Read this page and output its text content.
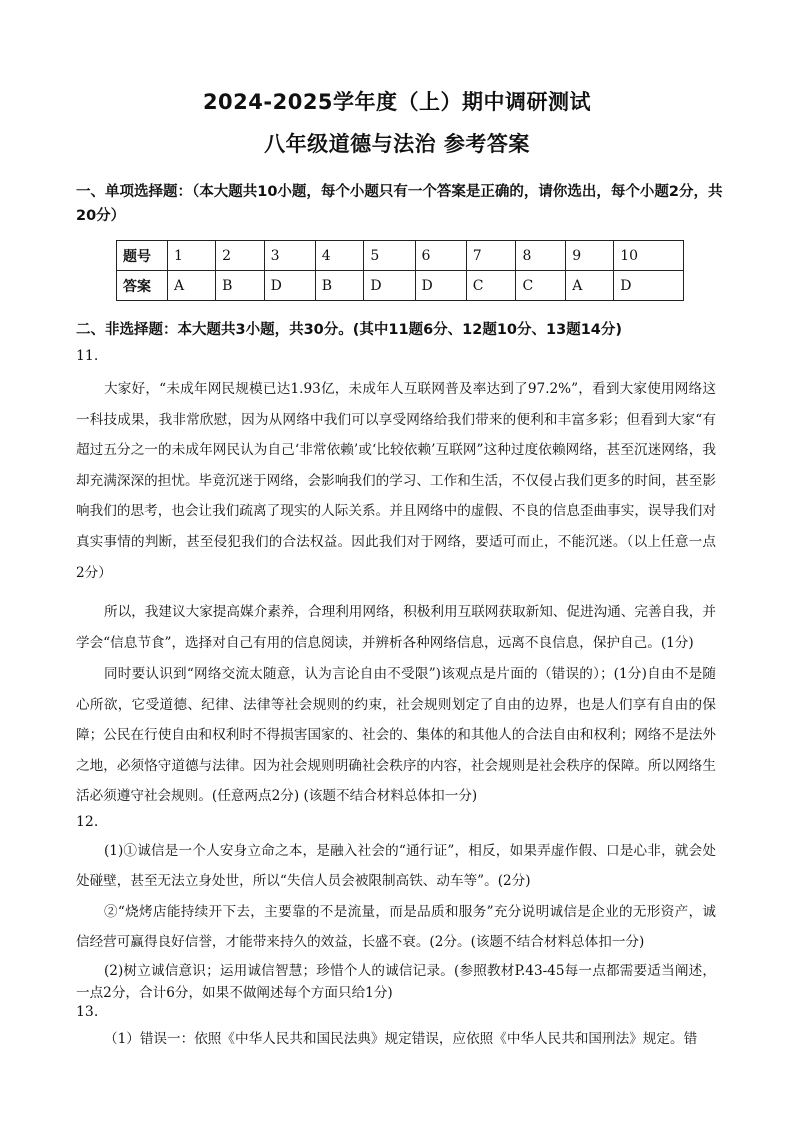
2024-2025学年度（上）期中调研测试
八年级道德与法治 参考答案
一、单项选择题：（本大题共10小题，每个小题只有一个答案是正确的，请你选出，每个小题2分，共20分）
题号	1	2	3	4	5	6	7	8	9	10
答案	A	B	D	B	D	D	C	C	A	D
二、非选择题：本大题共3小题，共30分。(其中11题6分、12题10分、13题14分)
11.
大家好，“未成年网民规模已达1.93亿，未成年人互联网普及率达到了97.2%”，看到大家使用网络这一科技成果，我非常欣慰，因为从网络中我们可以享受网络给我们带来的便利和丰富多彩；但看到大家“有超过五分之一的未成年网民认为自己‘非常依赖’或‘比较依赖’互联网”这种过度依赖网络，甚至沉迷网络，我却充满深深的担忧。毕竟沉迷于网络，会影响我们的学习、工作和生活，不仅侵占我们更多的时间，甚至影响我们的思考，也会让我们疏离了现实的人际关系。并且网络中的虚假、不良的信息歪曲事实，误导我们对真实事情的判断，甚至侵犯我们的合法权益。因此我们对于网络，要适可而止，不能沉迷。（以上任意一点2分）
所以，我建议大家提高媒介素养，合理利用网络，积极利用互联网获取新知、促进沟通、完善自我，并学会“信息节食”，选择对自己有用的信息阅读，并辨析各种网络信息，远离不良信息，保护自己。(1分)
同时要认识到“网络交流太随意，认为言论自由不受限”)该观点是片面的（错误的）；(1分)自由不是随心所欲，它受道德、纪律、法律等社会规则的约束，社会规则划定了自由的边界，也是人们享有自由的保障；公民在行使自由和权利时不得损害国家的、社会的、集体的和其他人的合法自由和权利；网络不是法外之地，必须恪守道德与法律。因为社会规则明确社会秩序的内容，社会规则是社会秩序的保障。所以网络生活必须遵守社会规则。(任意两点2分) (该题不结合材料总体扣一分)
12.
(1)①诚信是一个人安身立命之本，是融入社会的“通行证”，相反，如果弄虚作假、口是心非，就会处处碰壁，甚至无法立身处世，所以“失信人员会被限制高铁、动车等”。(2分)
②“烧烤店能持续开下去，主要靠的不是流量，而是品质和服务”充分说明诚信是企业的无形资产，诚信经营可赢得良好信誉，才能带来持久的效益，长盛不衰。(2分。(该题不结合材料总体扣一分)
(2)树立诚信意识；运用诚信智慧；珍惜个人的诚信记录。(参照教材P.43-45每一点都需要适当阐述，一点2分，合计6分，如果不做阐述每个方面只给1分)
13.
（1）错误一：依照《中华人民共和国民法典》规定错误，应依照《中华人民共和国刑法》规定。错
